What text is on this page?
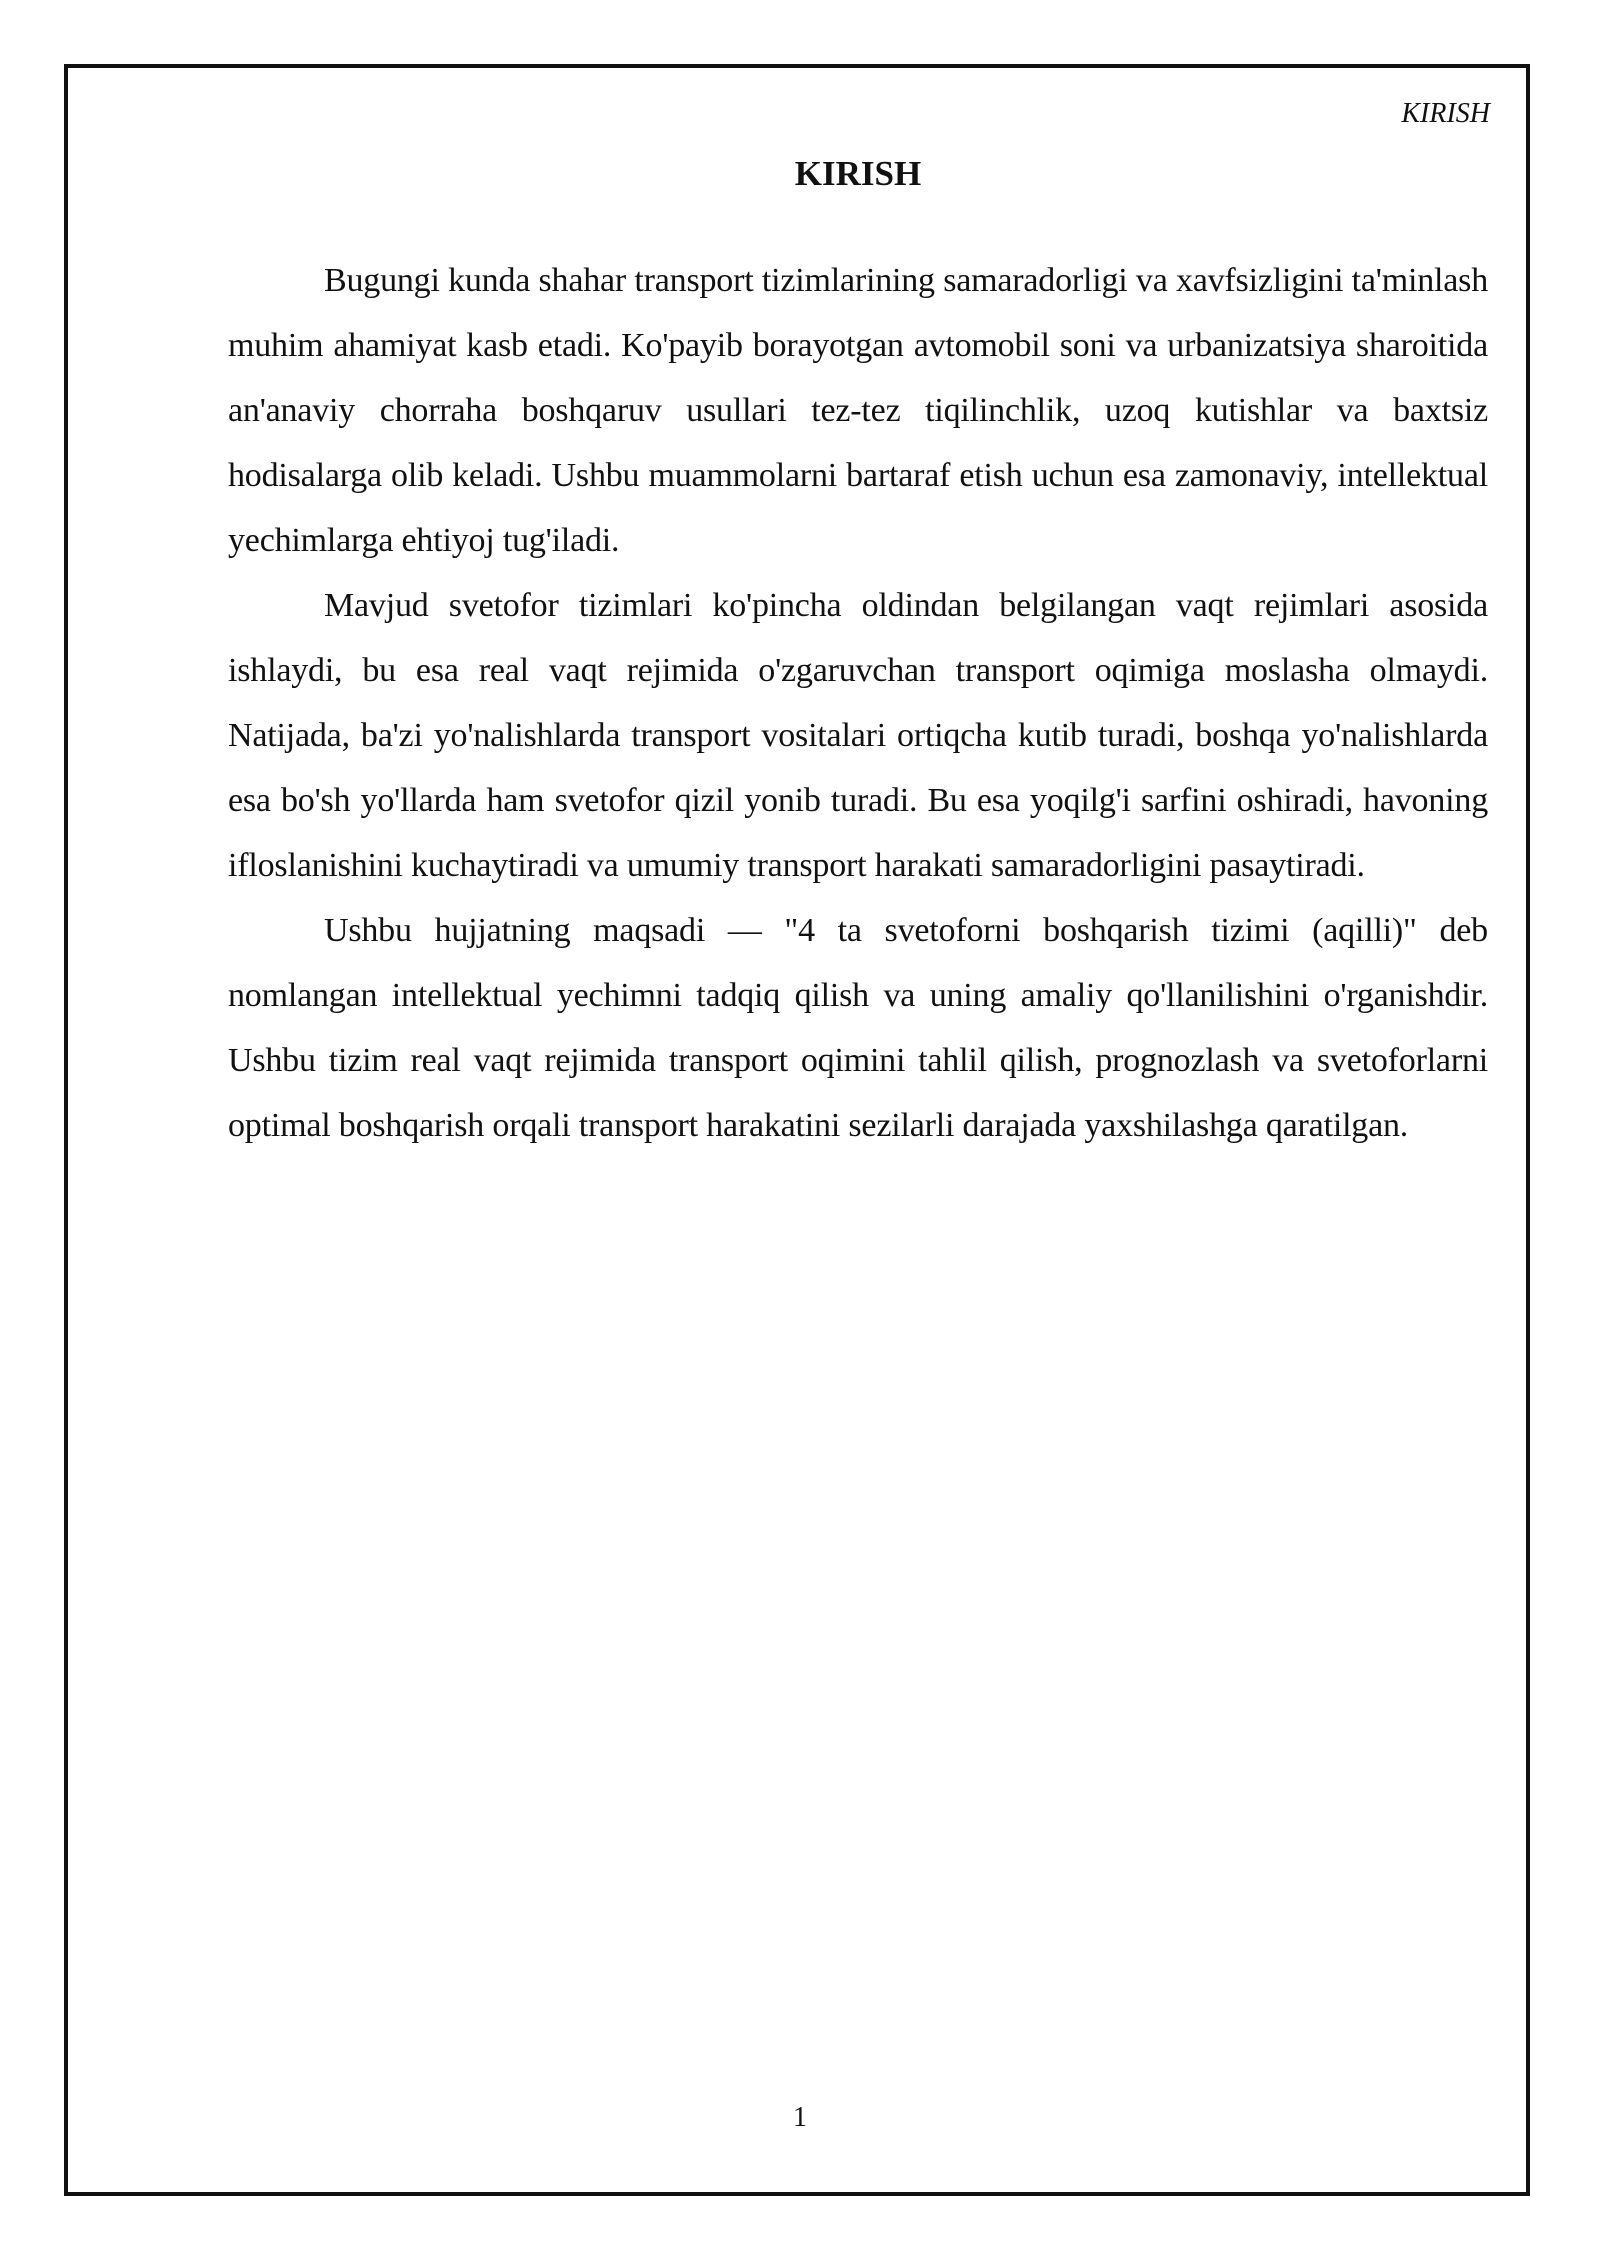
KIRISH
KIRISH

Bugungi kunda shahar transport tizimlarining samaradorligi va xavfsizligini ta'minlash muhim ahamiyat kasb etadi. Ko'payib borayotgan avtomobil soni va urbanizatsiya sharoitida an'anaviy chorraha boshqaruv usullari tez-tez tiqilinchlik, uzoq kutishlar va baxtsiz hodisalarga olib keladi. Ushbu muammolarni bartaraf etish uchun esa zamonaviy, intellektual yechimlarga ehtiyoj tug'iladi.

Mavjud svetofor tizimlari ko'pincha oldindan belgilangan vaqt rejimlari asosida ishlaydi, bu esa real vaqt rejimida o'zgaruvchan transport oqimiga moslasha olmaydi. Natijada, ba'zi yo'nalishlarda transport vositalari ortiqcha kutib turadi, boshqa yo'nalishlarda esa bo'sh yo'llarda ham svetofor qizil yonib turadi. Bu esa yoqilg'i sarfini oshiradi, havoning ifloslanishini kuchaytiradi va umumiy transport harakati samaradorligini pasaytiradi.

Ushbu hujjatning maqsadi — "4 ta svetoforni boshqarish tizimi (aqilli)" deb nomlangan intellektual yechimni tadqiq qilish va uning amaliy qo'llanilishini o'rganishdir. Ushbu tizim real vaqt rejimida transport oqimini tahlil qilish, prognozlash va svetoforlarni optimal boshqarish orqali transport harakatini sezilarli darajada yaxshilashga qaratilgan.

1
